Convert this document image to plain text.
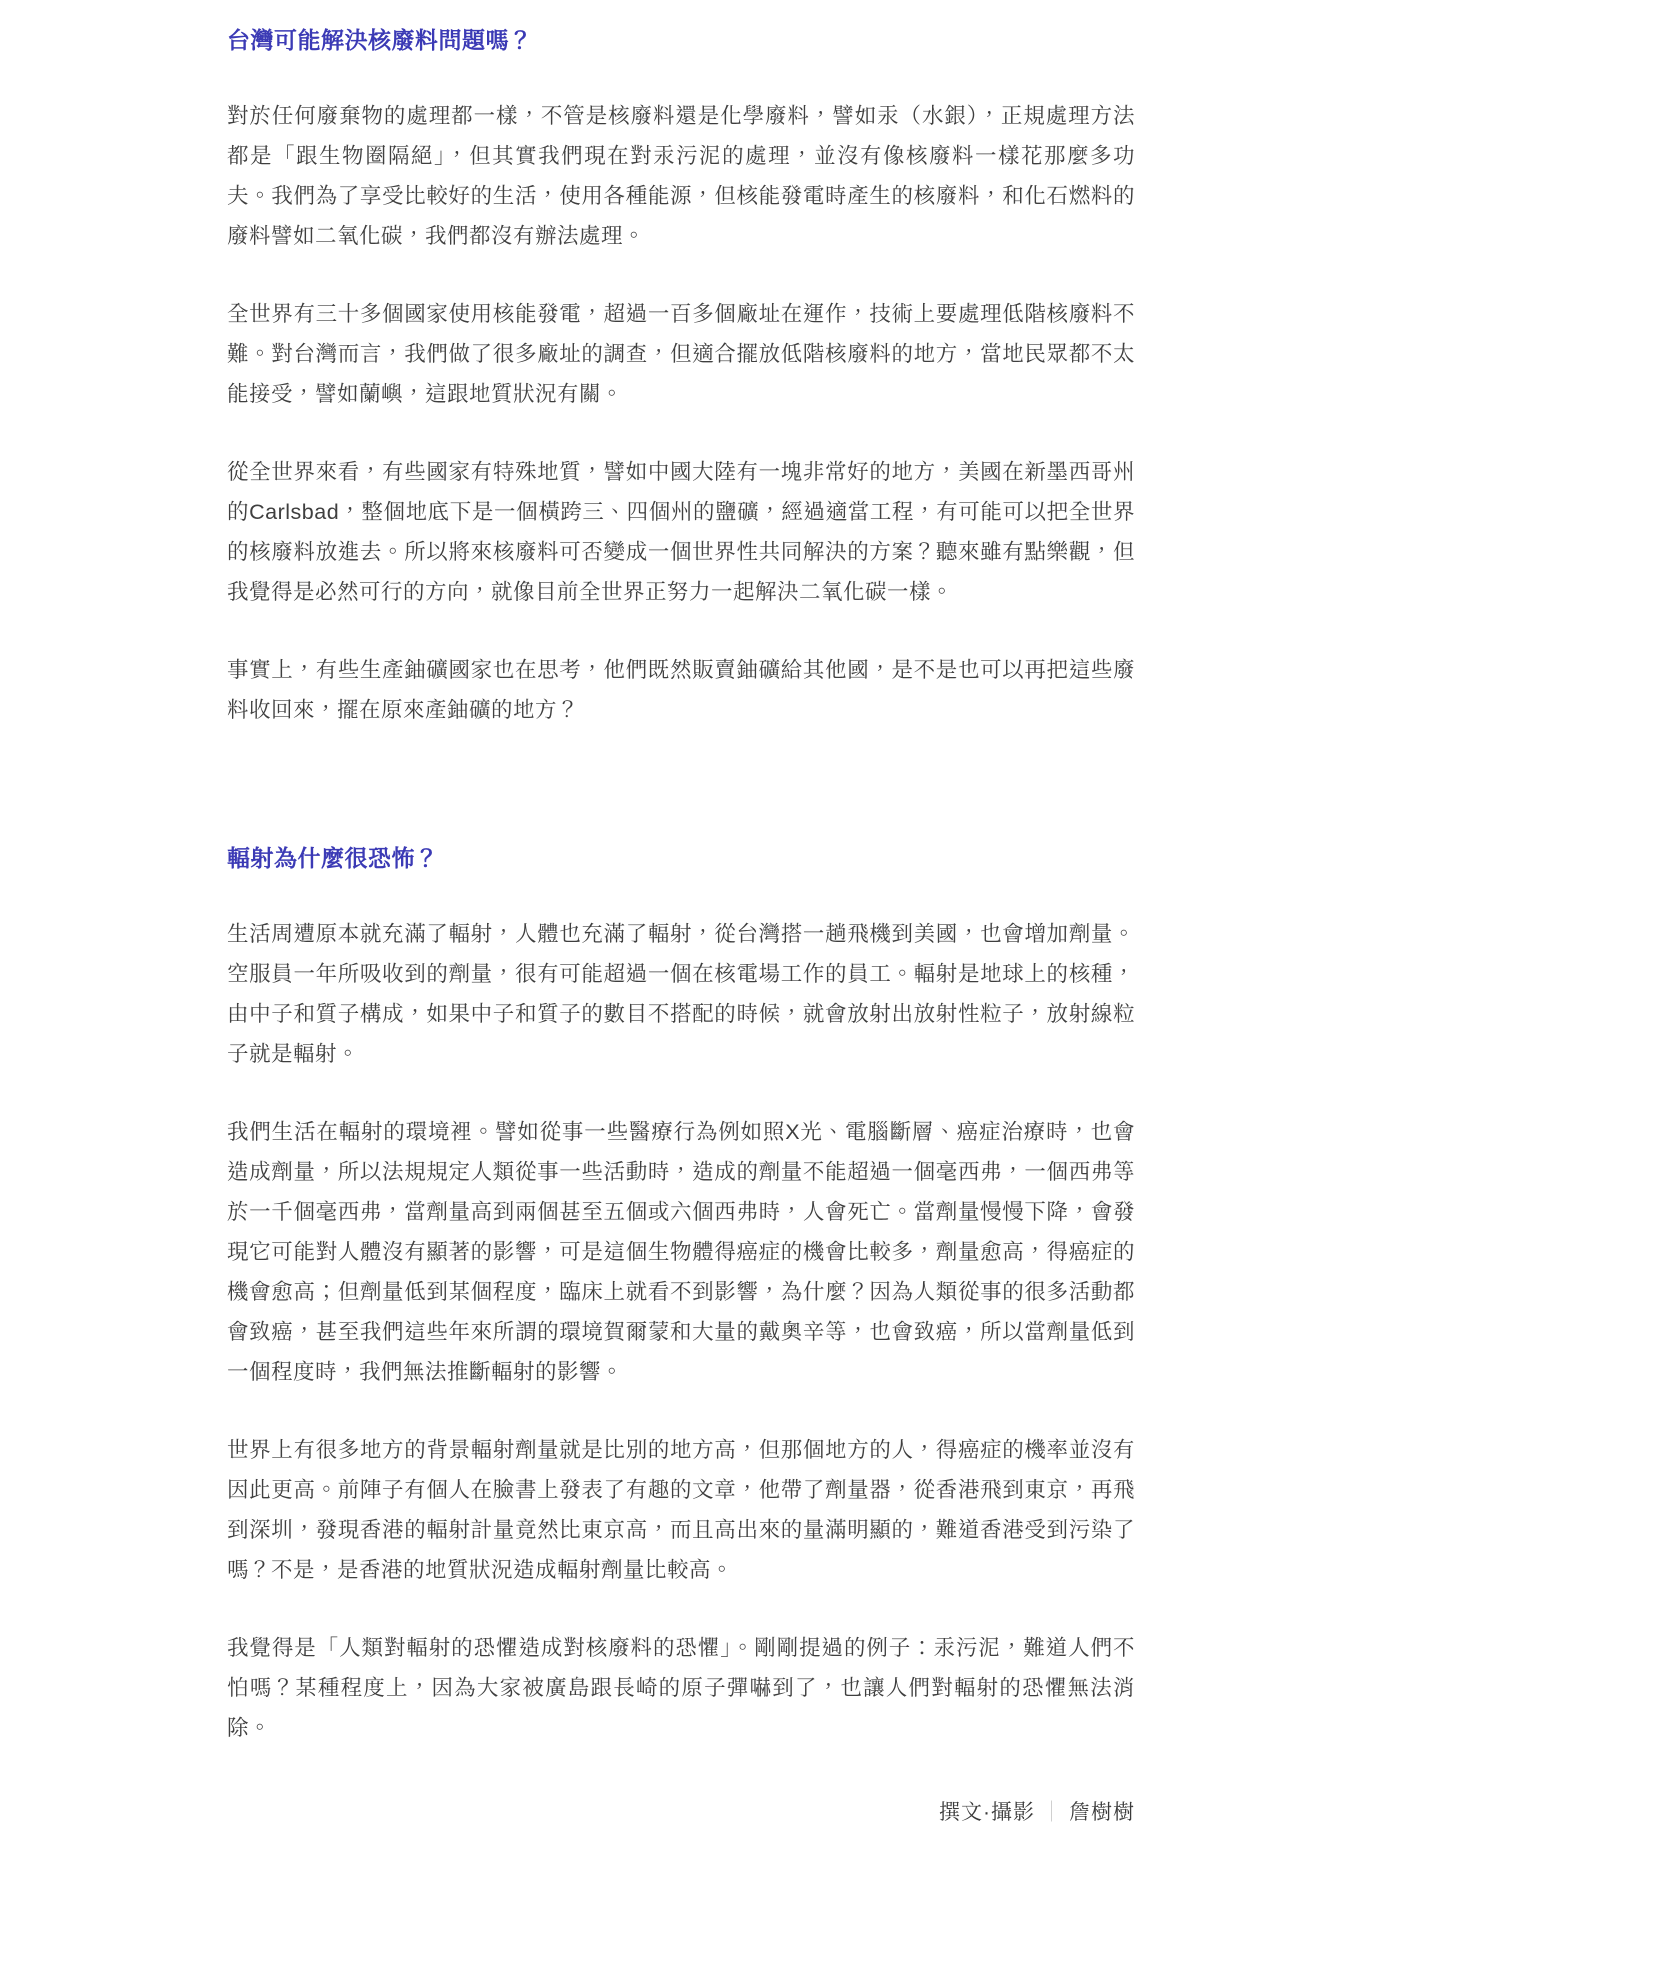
台灣可能解決核廢料問題嗎？

對於任何廢棄物的處理都一樣，不管是核廢料還是化學廢料，譬如汞（水銀），正規處理方法都是「跟生物圈隔絕」，但其實我們現在對汞污泥的處理，並沒有像核廢料一樣花那麼多功夫。我們為了享受比較好的生活，使用各種能源，但核能發電時產生的核廢料，和化石燃料的廢料譬如二氧化碳，我們都沒有辦法處理。

全世界有三十多個國家使用核能發電，超過一百多個廠址在運作，技術上要處理低階核廢料不難。對台灣而言，我們做了很多廠址的調查，但適合擺放低階核廢料的地方，當地民眾都不太能接受，譬如蘭嶼，這跟地質狀況有關。

從全世界來看，有些國家有特殊地質，譬如中國大陸有一塊非常好的地方，美國在新墨西哥州的Carlsbad，整個地底下是一個橫跨三、四個州的鹽礦，經過適當工程，有可能可以把全世界的核廢料放進去。所以將來核廢料可否變成一個世界性共同解決的方案？聽來雖有點樂觀，但我覺得是必然可行的方向，就像目前全世界正努力一起解決二氧化碳一樣。

事實上，有些生產鈾礦國家也在思考，他們既然販賣鈾礦給其他國，是不是也可以再把這些廢料收回來，擺在原來產鈾礦的地方？

輻射為什麼很恐怖？

生活周遭原本就充滿了輻射，人體也充滿了輻射，從台灣搭一趟飛機到美國，也會增加劑量。空服員一年所吸收到的劑量，很有可能超過一個在核電場工作的員工。輻射是地球上的核種，由中子和質子構成，如果中子和質子的數目不搭配的時候，就會放射出放射性粒子，放射線粒子就是輻射。

我們生活在輻射的環境裡。譬如從事一些醫療行為例如照X光、電腦斷層、癌症治療時，也會造成劑量，所以法規規定人類從事一些活動時，造成的劑量不能超過一個毫西弗，一個西弗等於一千個毫西弗，當劑量高到兩個甚至五個或六個西弗時，人會死亡。當劑量慢慢下降，會發現它可能對人體沒有顯著的影響，可是這個生物體得癌症的機會比較多，劑量愈高，得癌症的機會愈高；但劑量低到某個程度，臨床上就看不到影響，為什麼？因為人類從事的很多活動都會致癌，甚至我們這些年來所謂的環境賀爾蒙和大量的戴奧辛等，也會致癌，所以當劑量低到一個程度時，我們無法推斷輻射的影響。

世界上有很多地方的背景輻射劑量就是比別的地方高，但那個地方的人，得癌症的機率並沒有因此更高。前陣子有個人在臉書上發表了有趣的文章，他帶了劑量器，從香港飛到東京，再飛到深圳，發現香港的輻射計量竟然比東京高，而且高出來的量滿明顯的，難道香港受到污染了嗎？不是，是香港的地質狀況造成輻射劑量比較高。

我覺得是「人類對輻射的恐懼造成對核廢料的恐懼」。剛剛提過的例子：汞污泥，難道人們不怕嗎？某種程度上，因為大家被廣島跟長崎的原子彈嚇到了，也讓人們對輻射的恐懼無法消除。

撰文·攝影 ｜ 詹樹樹
